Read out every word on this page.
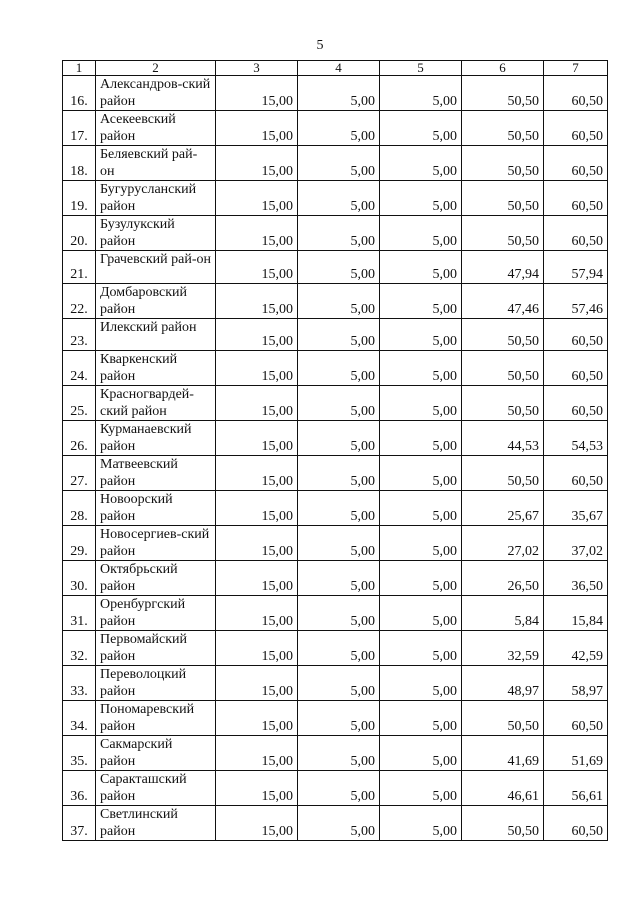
5
1	2	3	4	5	6	7
16.	Александров-ский район	15,00	5,00	5,00	50,50	60,50
17.	Асекеевский район	15,00	5,00	5,00	50,50	60,50
18.	Беляевский рай-он	15,00	5,00	5,00	50,50	60,50
19.	Бугурусланский район	15,00	5,00	5,00	50,50	60,50
20.	Бузулукский район	15,00	5,00	5,00	50,50	60,50
21.	Грачевский рай-он	15,00	5,00	5,00	47,94	57,94
22.	Домбаровский район	15,00	5,00	5,00	47,46	57,46
23.	Илекский район	15,00	5,00	5,00	50,50	60,50
24.	Кваркенский район	15,00	5,00	5,00	50,50	60,50
25.	Красногвардей-ский район	15,00	5,00	5,00	50,50	60,50
26.	Курманаевский район	15,00	5,00	5,00	44,53	54,53
27.	Матвеевский район	15,00	5,00	5,00	50,50	60,50
28.	Новоорский район	15,00	5,00	5,00	25,67	35,67
29.	Новосергиев-ский район	15,00	5,00	5,00	27,02	37,02
30.	Октябрьский район	15,00	5,00	5,00	26,50	36,50
31.	Оренбургский район	15,00	5,00	5,00	5,84	15,84
32.	Первомайский район	15,00	5,00	5,00	32,59	42,59
33.	Переволоцкий район	15,00	5,00	5,00	48,97	58,97
34.	Пономаревский район	15,00	5,00	5,00	50,50	60,50
35.	Сакмарский район	15,00	5,00	5,00	41,69	51,69
36.	Саракташский район	15,00	5,00	5,00	46,61	56,61
37.	Светлинский район	15,00	5,00	5,00	50,50	60,50
